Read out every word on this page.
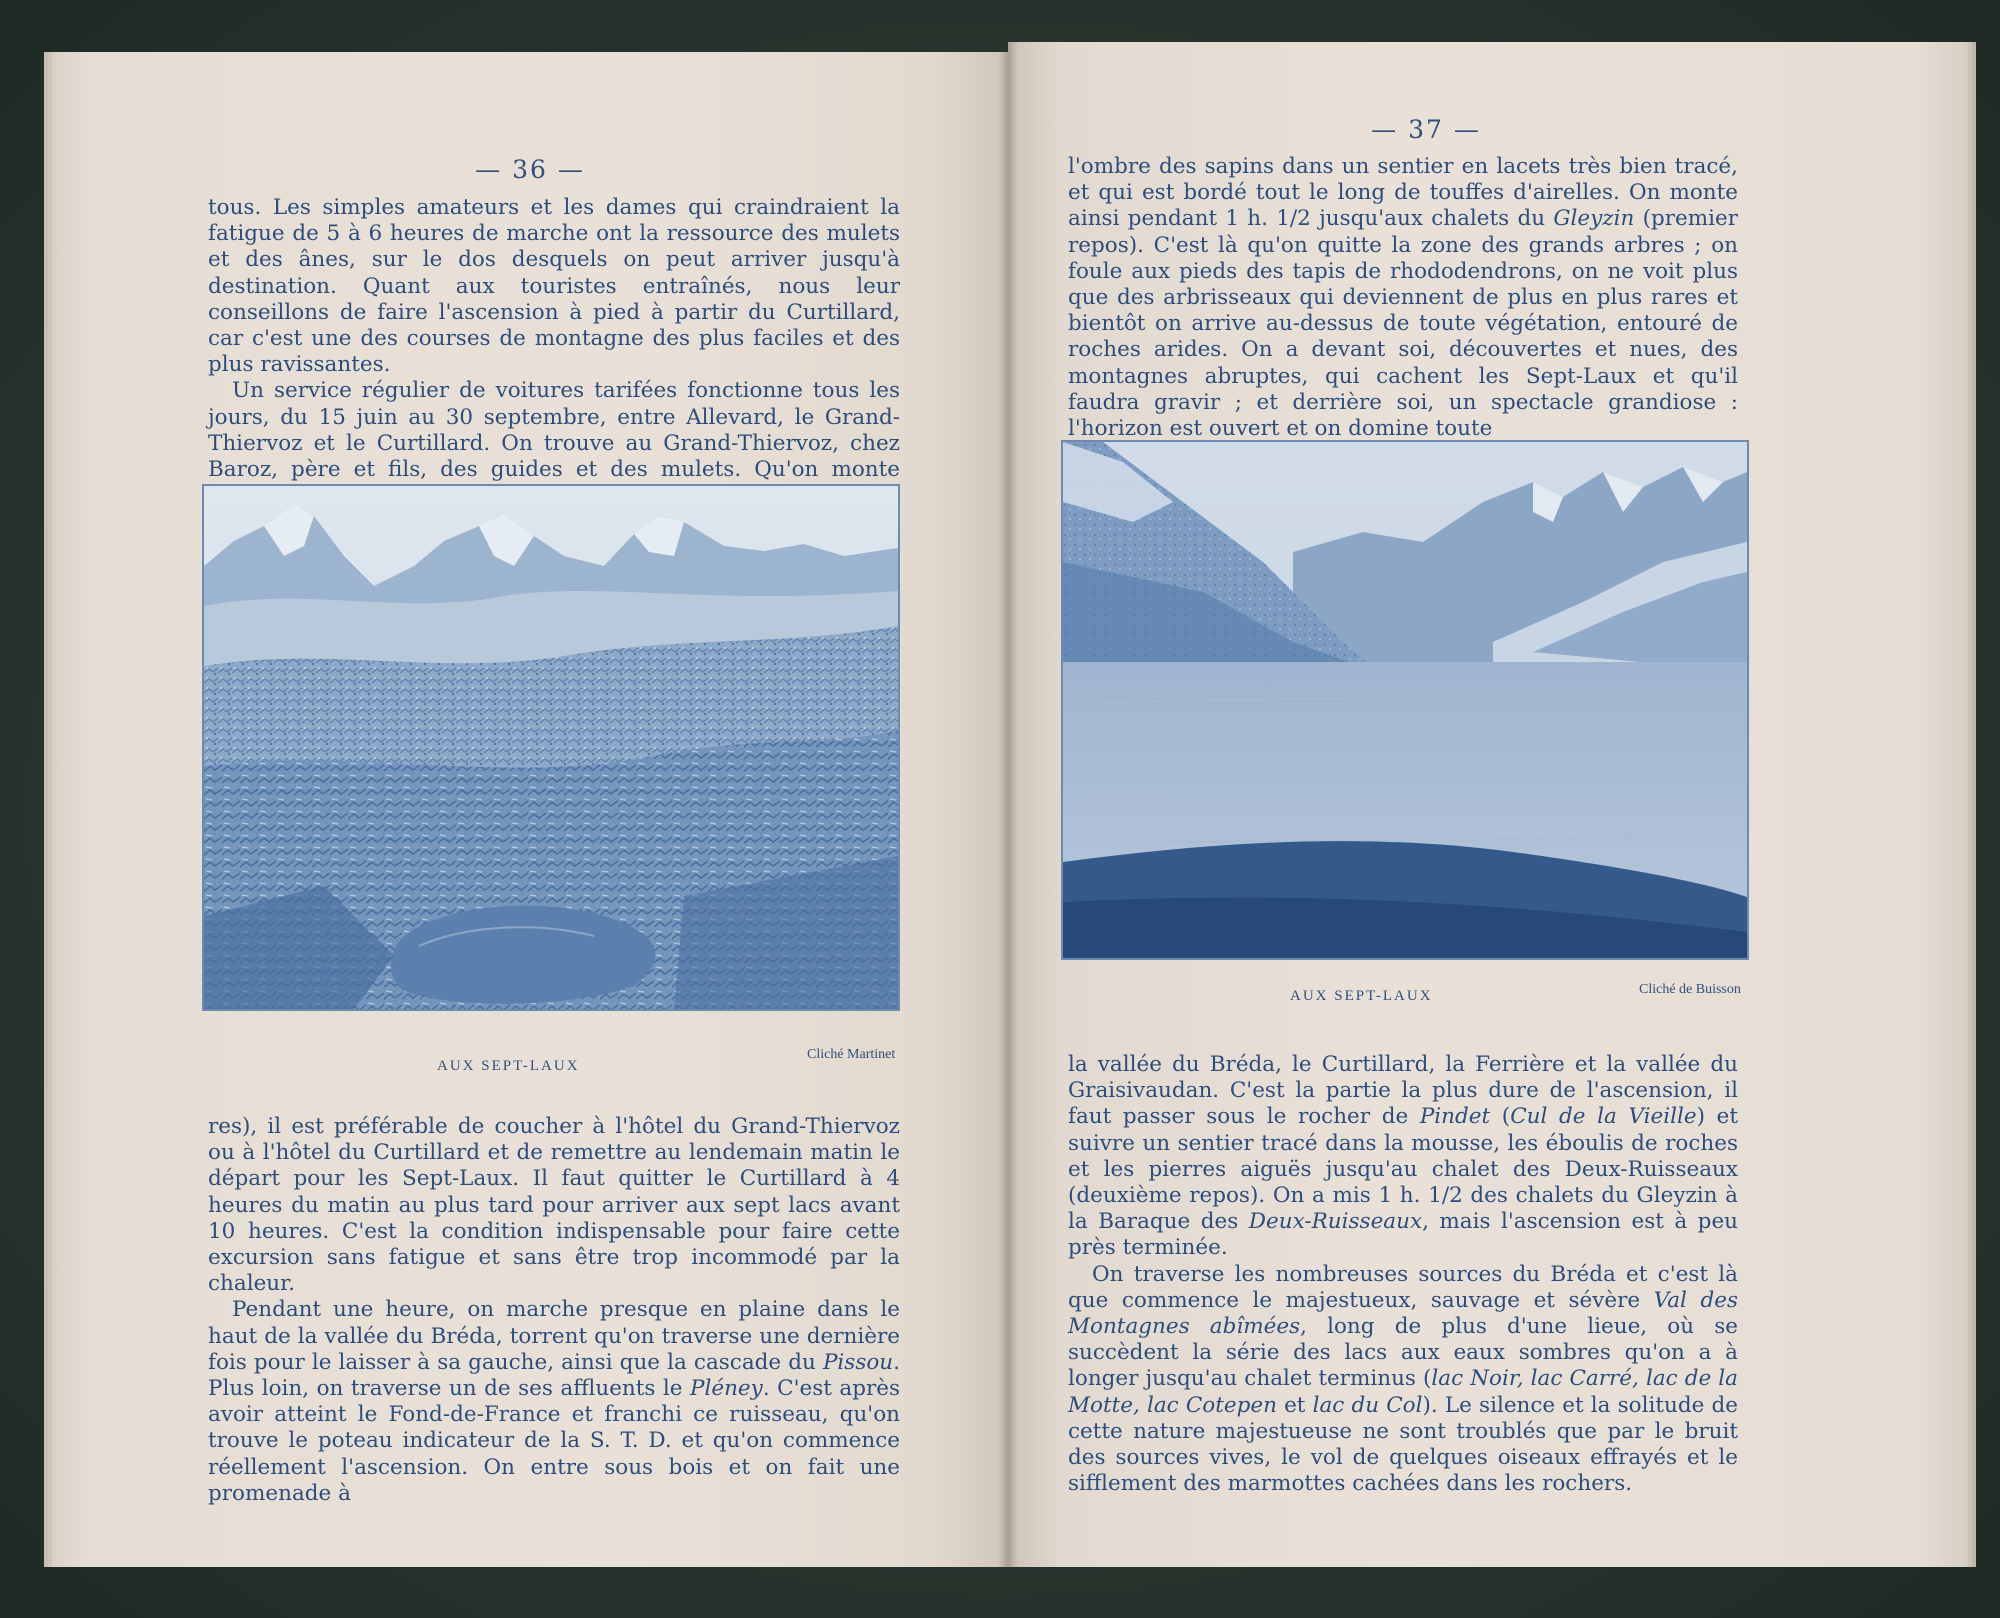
— 36 —

tous. Les simples amateurs et les dames qui craindraient la fatigue de 5 à 6 heures de marche ont la ressource des mulets et des ânes, sur le dos desquels on peut arriver jusqu'à destination. Quant aux touristes entraînés, nous leur conseillons de faire l'ascension à pied à partir du Curtillard, car c'est une des courses de montagne des plus faciles et des plus ravissantes.

Un service régulier de voitures tarifées fonctionne tous les jours, du 15 juin au 30 septembre, entre Allevard, le Grand-Thiervoz et le Curtillard. On trouve au Grand-Thiervoz, chez Baroz, père et fils, des guides et des mulets. Qu'on monte

AUX SEPT-LAUX
Cliché Martinet

res), il est préférable de coucher à l'hôtel du Grand-Thiervoz ou à l'hôtel du Curtillard et de remettre au lendemain matin le départ pour les Sept-Laux. Il faut quitter le Curtillard à 4 heures du matin au plus tard pour arriver aux sept lacs avant 10 heures. C'est la condition indispensable pour faire cette excursion sans fatigue et sans être trop incommodé par la chaleur.

Pendant une heure, on marche presque en plaine dans le haut de la vallée du Bréda, torrent qu'on traverse une dernière fois pour le laisser à sa gauche, ainsi que la cascade du Pissou. Plus loin, on traverse un de ses affluents le Pléney. C'est après avoir atteint le Fond-de-France et franchi ce ruisseau, qu'on trouve le poteau indicateur de la S. T. D. et qu'on commence réellement l'ascension. On entre sous bois et on fait une promenade à

— 37 —

l'ombre des sapins dans un sentier en lacets très bien tracé, et qui est bordé tout le long de touffes d'airelles. On monte ainsi pendant 1 h. 1/2 jusqu'aux chalets du Gleyzin (premier repos). C'est là qu'on quitte la zone des grands arbres ; on foule aux pieds des tapis de rhododendrons, on ne voit plus que des arbrisseaux qui deviennent de plus en plus rares et bientôt on arrive au-dessus de toute végétation, entouré de roches arides. On a devant soi, découvertes et nues, des montagnes abruptes, qui cachent les Sept-Laux et qu'il faudra gravir ; et derrière soi, un spectacle grandiose : l'horizon est ouvert et on domine toute

AUX SEPT-LAUX	Cliché de Buisson

la vallée du Bréda, le Curtillard, la Ferrière et la vallée du Graisivaudan. C'est la partie la plus dure de l'ascension, il faut passer sous le rocher de Pindet (Cul de la Vieille) et suivre un sentier tracé dans la mousse, les éboulis de roches et les pierres aiguës jusqu'au chalet des Deux-Ruisseaux (deuxième repos). On a mis 1 h. 1/2 des chalets du Gleyzin à la Baraque des Deux-Ruisseaux, mais l'ascension est à peu près terminée.

On traverse les nombreuses sources du Bréda et c'est là que commence le majestueux, sauvage et sévère Val des Montagnes abîmées, long de plus d'une lieue, où se succèdent la série des lacs aux eaux sombres qu'on a à longer jusqu'au chalet terminus (lac Noir, lac Carré, lac de la Motte, lac Cotepen et lac du Col). Le silence et la solitude de cette nature majestueuse ne sont troublés que par le bruit des sources vives, le vol de quelques oiseaux effrayés et le sifflement des marmottes cachées dans les rochers.
